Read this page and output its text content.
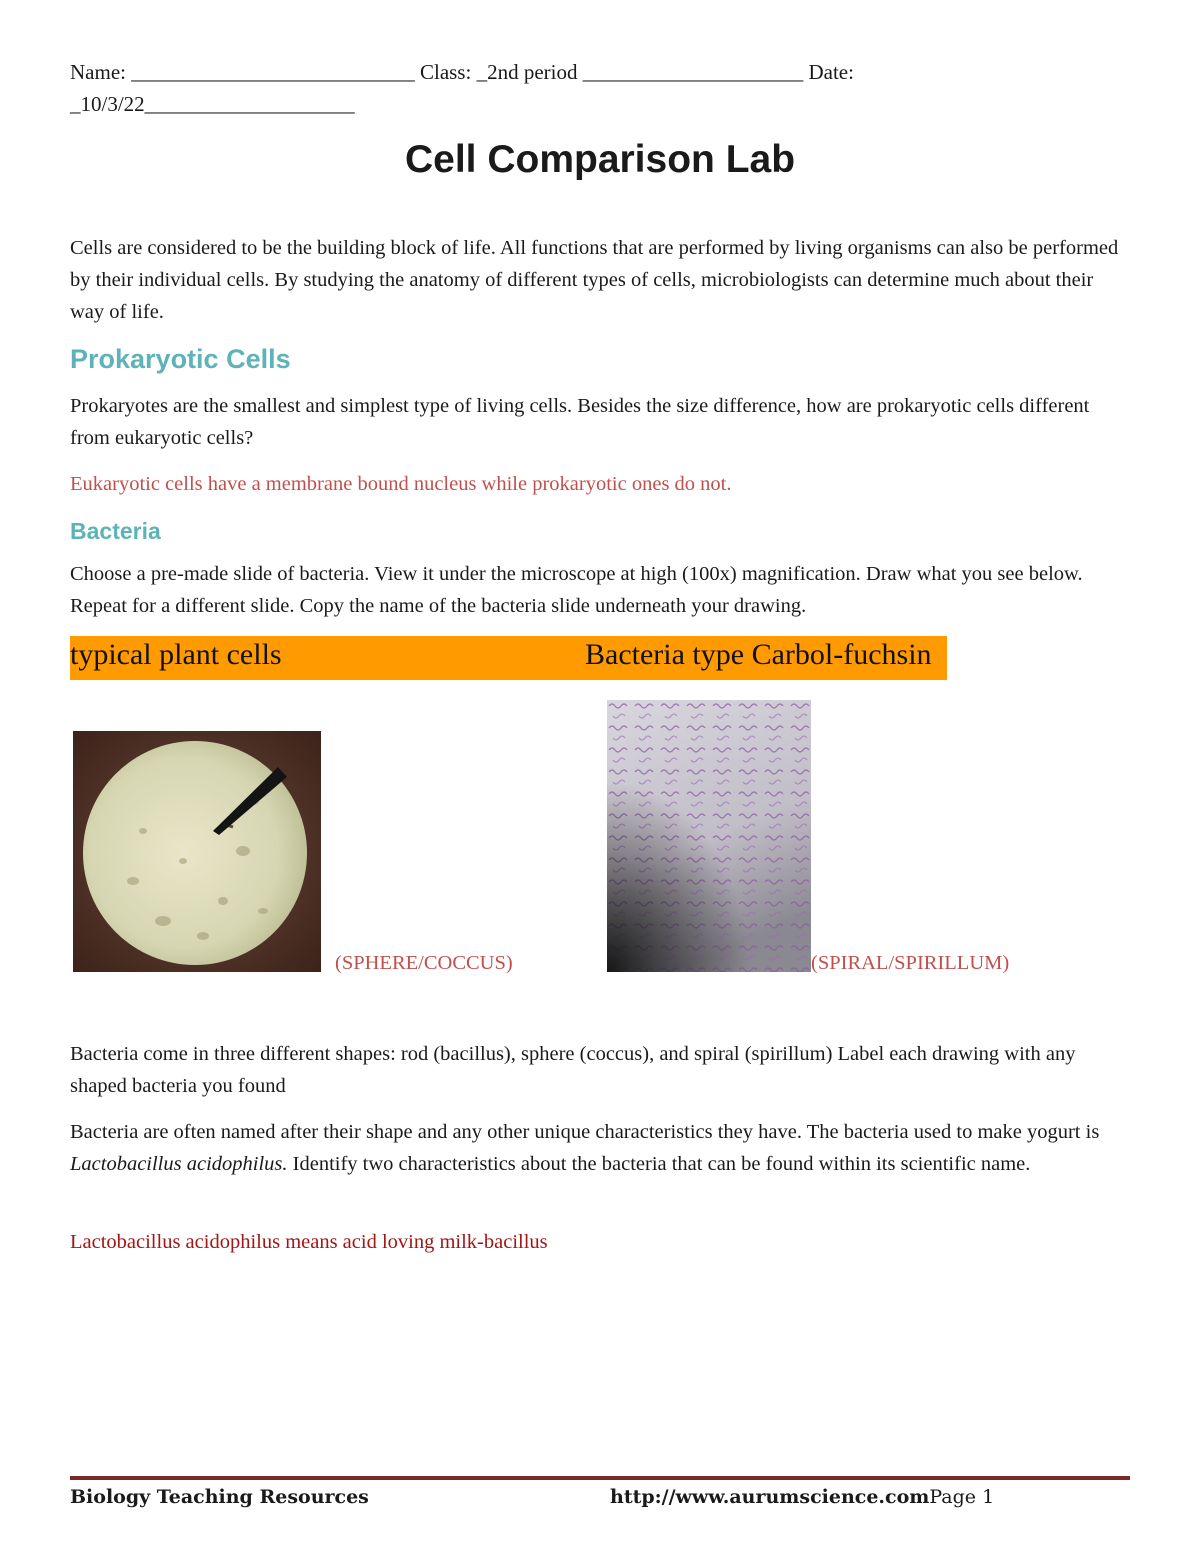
Name: ___________________________ Class: _2nd period _____________________ Date:
_10/3/22____________________
Cell Comparison Lab
Cells are considered to be the building block of life. All functions that are performed by living organisms can also be performed by their individual cells. By studying the anatomy of different types of cells, microbiologists can determine much about their way of life.
Prokaryotic Cells
Prokaryotes are the smallest and simplest type of living cells. Besides the size difference, how are prokaryotic cells different from eukaryotic cells?
Eukaryotic cells have a membrane bound nucleus while prokaryotic ones do not.
Bacteria
Choose a pre-made slide of bacteria. View it under the microscope at high (100x) magnification. Draw what you see below. Repeat for a different slide. Copy the name of the bacteria slide underneath your drawing.
typical plant cells	Bacteria type Carbol-fuchsin
(SPHERE/COCCUS)	(SPIRAL/SPIRILLUM)
Bacteria come in three different shapes: rod (bacillus), sphere (coccus), and spiral (spirillum) Label each drawing with any shaped bacteria you found
Bacteria are often named after their shape and any other unique characteristics they have. The bacteria used to make yogurt is Lactobacillus acidophilus. Identify two characteristics about the bacteria that can be found within its scientific name.
Lactobacillus acidophilus means acid loving milk-bacillus
Biology Teaching Resources	http://www.aurumscience.comPage 1
